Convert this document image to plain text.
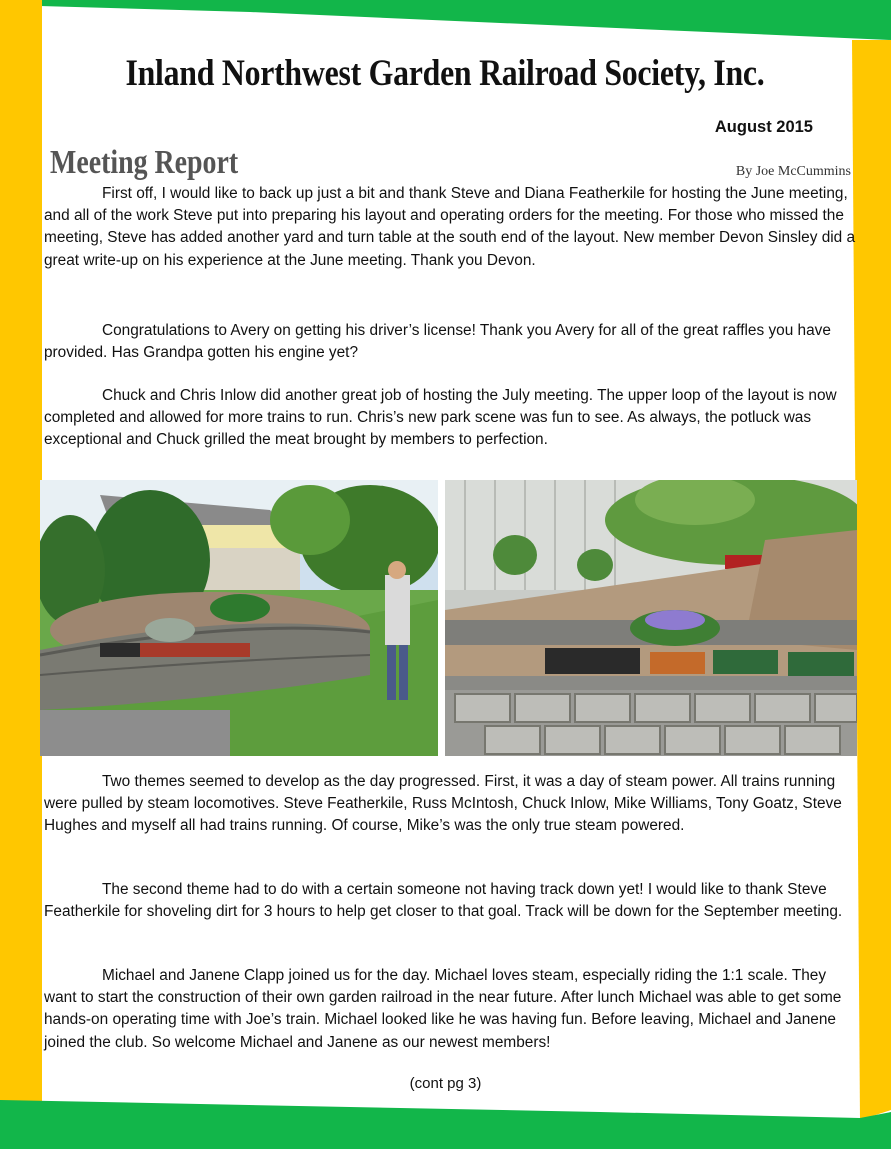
Inland Northwest Garden Railroad Society, Inc.
August 2015
Meeting Report	By Joe McCummins

First off, I would like to back up just a bit and thank Steve and Diana Featherkile for hosting the June meeting, and all of the work Steve put into preparing his layout and operating orders for the meeting. For those who missed the meeting, Steve has added another yard and turn table at the south end of the layout. New member Devon Sinsley did a great write-up on his experience at the June meeting. Thank you Devon.

Congratulations to Avery on getting his driver’s license! Thank you Avery for all of the great raffles you have provided. Has Grandpa gotten his engine yet?

Chuck and Chris Inlow did another great job of hosting the July meeting. The upper loop of the layout is now completed and allowed for more trains to run. Chris’s new park scene was fun to see. As always, the potluck was exceptional and Chuck grilled the meat brought by members to perfection.

Two themes seemed to develop as the day progressed. First, it was a day of steam power. All trains running were pulled by steam locomotives. Steve Featherkile, Russ McIntosh, Chuck Inlow, Mike Williams, Tony Goatz, Steve Hughes and myself all had trains running. Of course, Mike’s was the only true steam powered.

The second theme had to do with a certain someone not having track down yet! I would like to thank Steve Featherkile for shoveling dirt for 3 hours to help get closer to that goal. Track will be down for the September meeting.

Michael and Janene Clapp joined us for the day. Michael loves steam, especially riding the 1:1 scale. They want to start the construction of their own garden railroad in the near future. After lunch Michael was able to get some hands-on operating time with Joe’s train. Michael looked like he was having fun. Before leaving, Michael and Janene joined the club. So welcome Michael and Janene as our newest members!

(cont pg 3)
